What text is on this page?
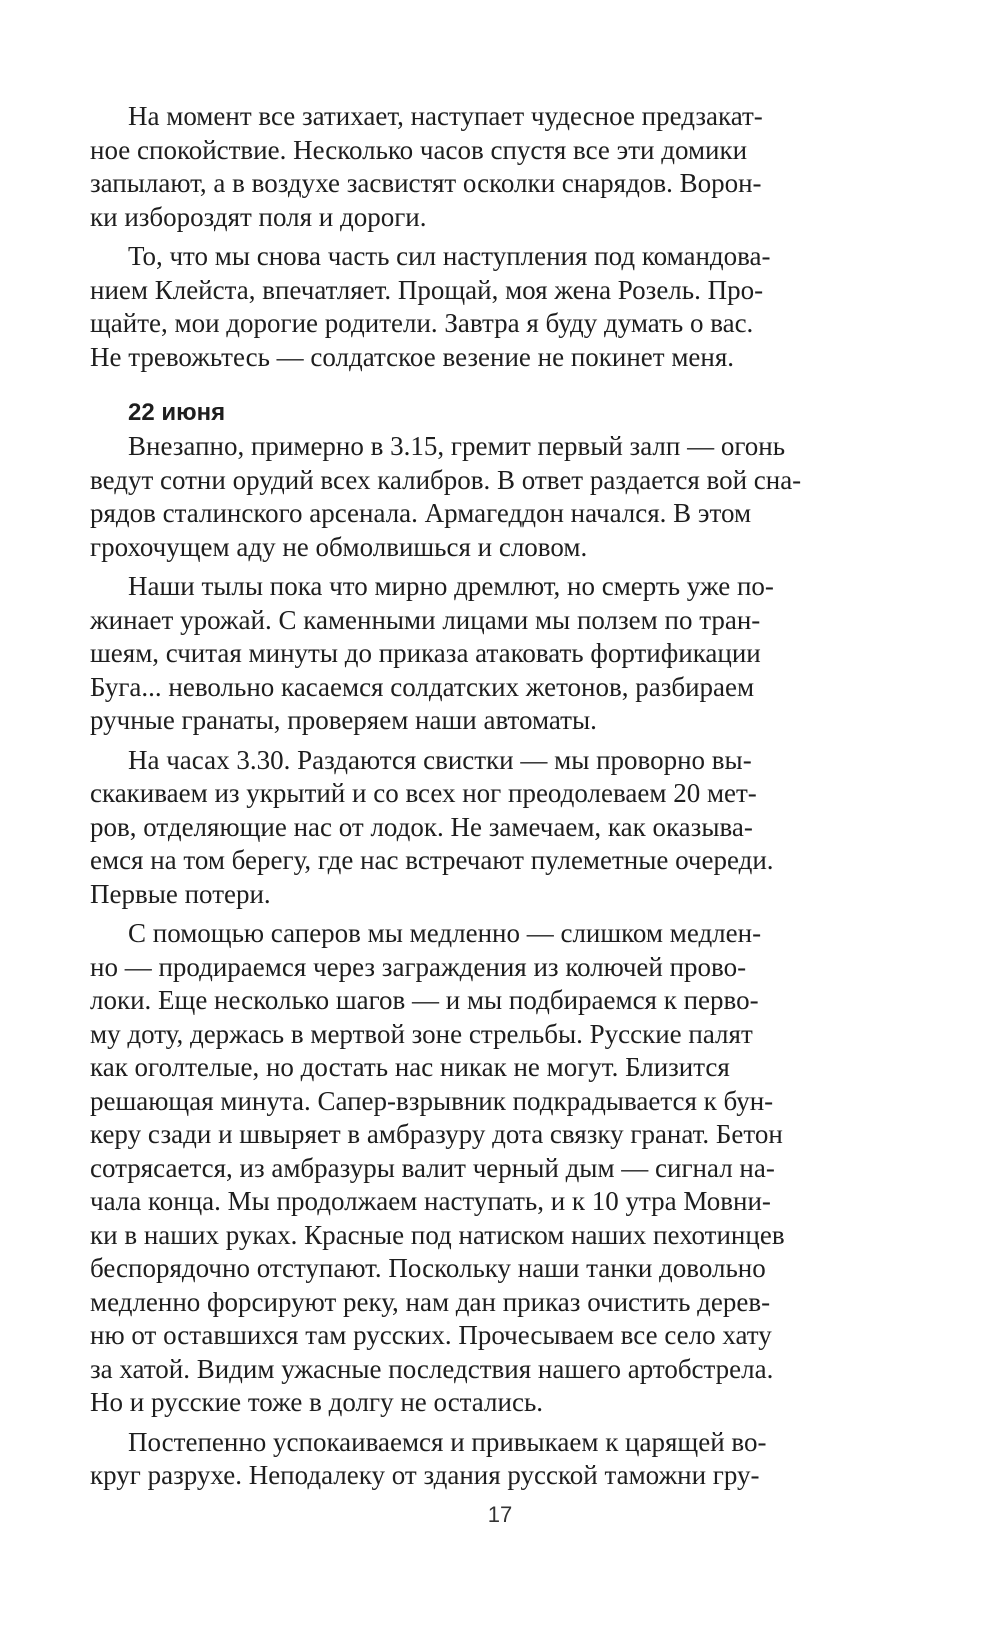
На момент все затихает, наступает чудесное предзакат-
ное спокойствие. Несколько часов спустя все эти домики
запылают, а в воздухе засвистят осколки снарядов. Ворон-
ки избороздят поля и дороги.
То, что мы снова часть сил наступления под командова-
нием Клейста, впечатляет. Прощай, моя жена Розель. Про-
щайте, мои дорогие родители. Завтра я буду думать о вас.
Не тревожьтесь — солдатское везение не покинет меня.
22 июня
Внезапно, примерно в 3.15, гремит первый залп — огонь
ведут сотни орудий всех калибров. В ответ раздается вой сна-
рядов сталинского арсенала. Армагеддон начался. В этом
грохочущем аду не обмолвишься и словом.
Наши тылы пока что мирно дремлют, но смерть уже по-
жинает урожай. С каменными лицами мы ползем по тран-
шеям, считая минуты до приказа атаковать фортификации
Буга... невольно касаемся солдатских жетонов, разбираем
ручные гранаты, проверяем наши автоматы.
На часах 3.30. Раздаются свистки — мы проворно вы-
скакиваем из укрытий и со всех ног преодолеваем 20 мет-
ров, отделяющие нас от лодок. Не замечаем, как оказыва-
емся на том берегу, где нас встречают пулеметные очереди.
Первые потери.
С помощью саперов мы медленно — слишком медлен-
но — продираемся через заграждения из колючей прово-
локи. Еще несколько шагов — и мы подбираемся к перво-
му доту, держась в мертвой зоне стрельбы. Русские палят
как оголтелые, но достать нас никак не могут. Близится
решающая минута. Сапер-взрывник подкрадывается к бун-
керу сзади и швыряет в амбразуру дота связку гранат. Бетон
сотрясается, из амбразуры валит черный дым — сигнал на-
чала конца. Мы продолжаем наступать, и к 10 утра Мовни-
ки в наших руках. Красные под натиском наших пехотинцев
беспорядочно отступают. Поскольку наши танки довольно
медленно форсируют реку, нам дан приказ очистить дерев-
ню от оставшихся там русских. Прочесываем все село хату
за хатой. Видим ужасные последствия нашего артобстрела.
Но и русские тоже в долгу не остались.
Постепенно успокаиваемся и привыкаем к царящей во-
круг разрухе. Неподалеку от здания русской таможни гру-
17
